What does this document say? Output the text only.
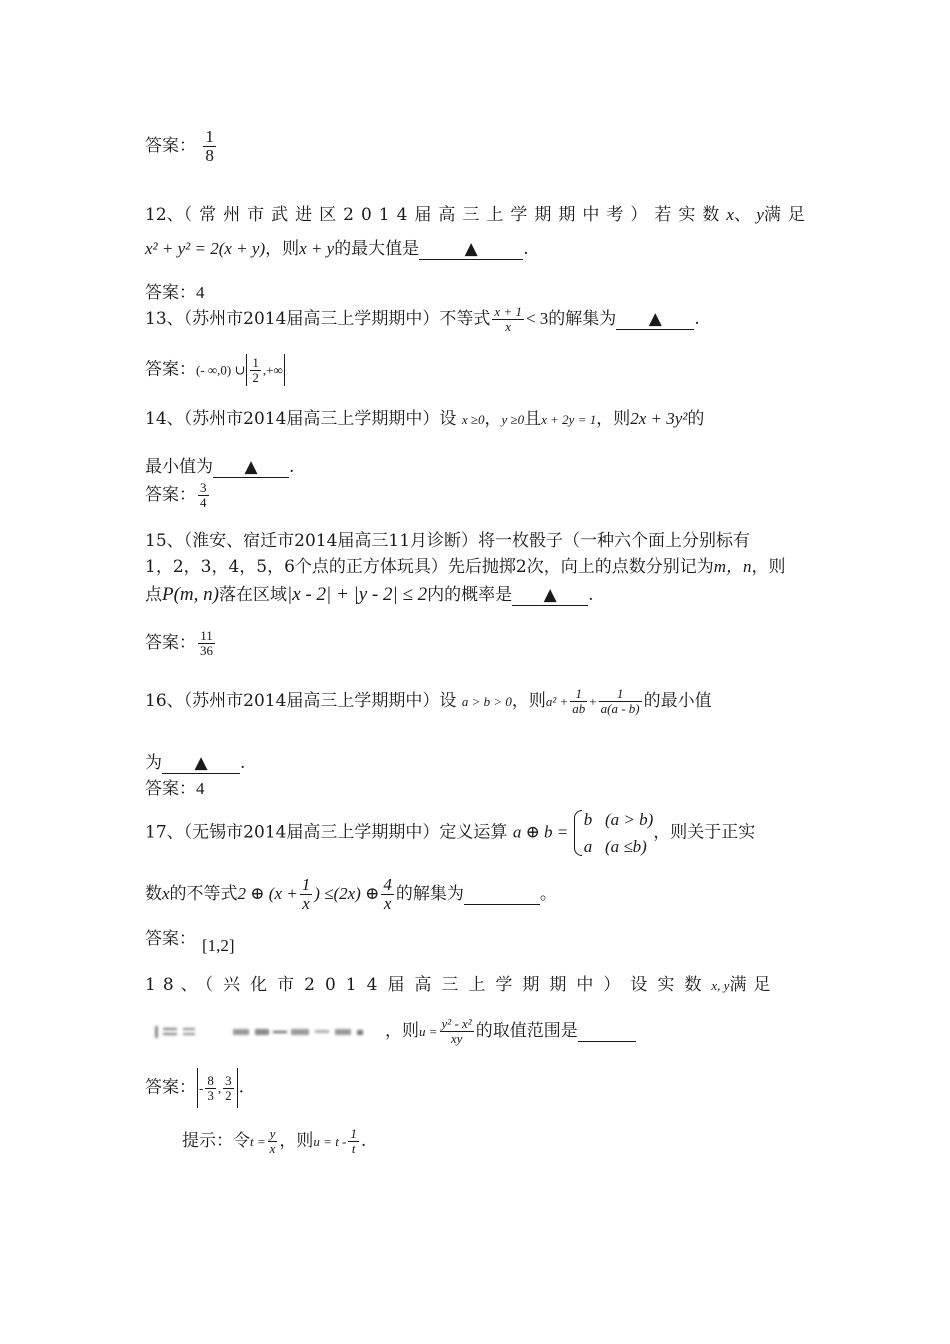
答案： $\frac{1}{8}$
12、（常州市武进区2014届高三上学期期中考）若实数x、 y满足
x² + y² = 2(x + y)，则x + y的最大值是	▲	.
答案：4
13、（苏州市2014届高三上学期期中）不等式 $\frac{x + 1}{x} < 3$的解集为 ▲ .
答案：(- ∞,0) ∪ $\frac{1}{2}$ ,+∞
14、（苏州市2014届高三上学期期中）设 x ≥0，y ≥0且x + 2y = 1，则2x + 3y²的
最小值为 ▲ .
答案： $\frac{3}{4}$
15、（淮安、宿迁市2014届高三11月诊断）将一枚骰子（一种六个面上分别标有
1，2，3，4，5，6个点的正方体玩具）先后抛掷2次，向上的点数分别记为m，n，则
点P(m, n)落在区域|x - 2| + |y - 2| ≤ 2内的概率是 ▲ .
答案： $\frac{11}{36}$
16、（苏州市2014届高三上学期期中）设 a > b > 0，则$a^2 + \frac{1}{ab} + \frac{1}{a(a - b)}$ 的最小值
为 ▲ .
答案：4
17、（无锡市2014届高三上学期期中）定义运算 a ⊕ b =
b (a > b)
a (a ≤b)
，则关于正实
数x的不等式2 ⊕ ($x + \frac{1}{x}$ ) ≤(2x) ⊕ $\frac{4}{x}$ 的解集为	。
答案： [1,2]
18、（兴化市2014届高三上学期期中）设实数x, y满足
，则$u = \frac{\text{y² - x²}}{xy}$ 的取值范围是
答案： - $\frac{8}{3}$ , $\frac{3}{2}$ .
提示：令$t = \frac{y}{x}$ ，则$u = t - \frac{1}{t}$ .
